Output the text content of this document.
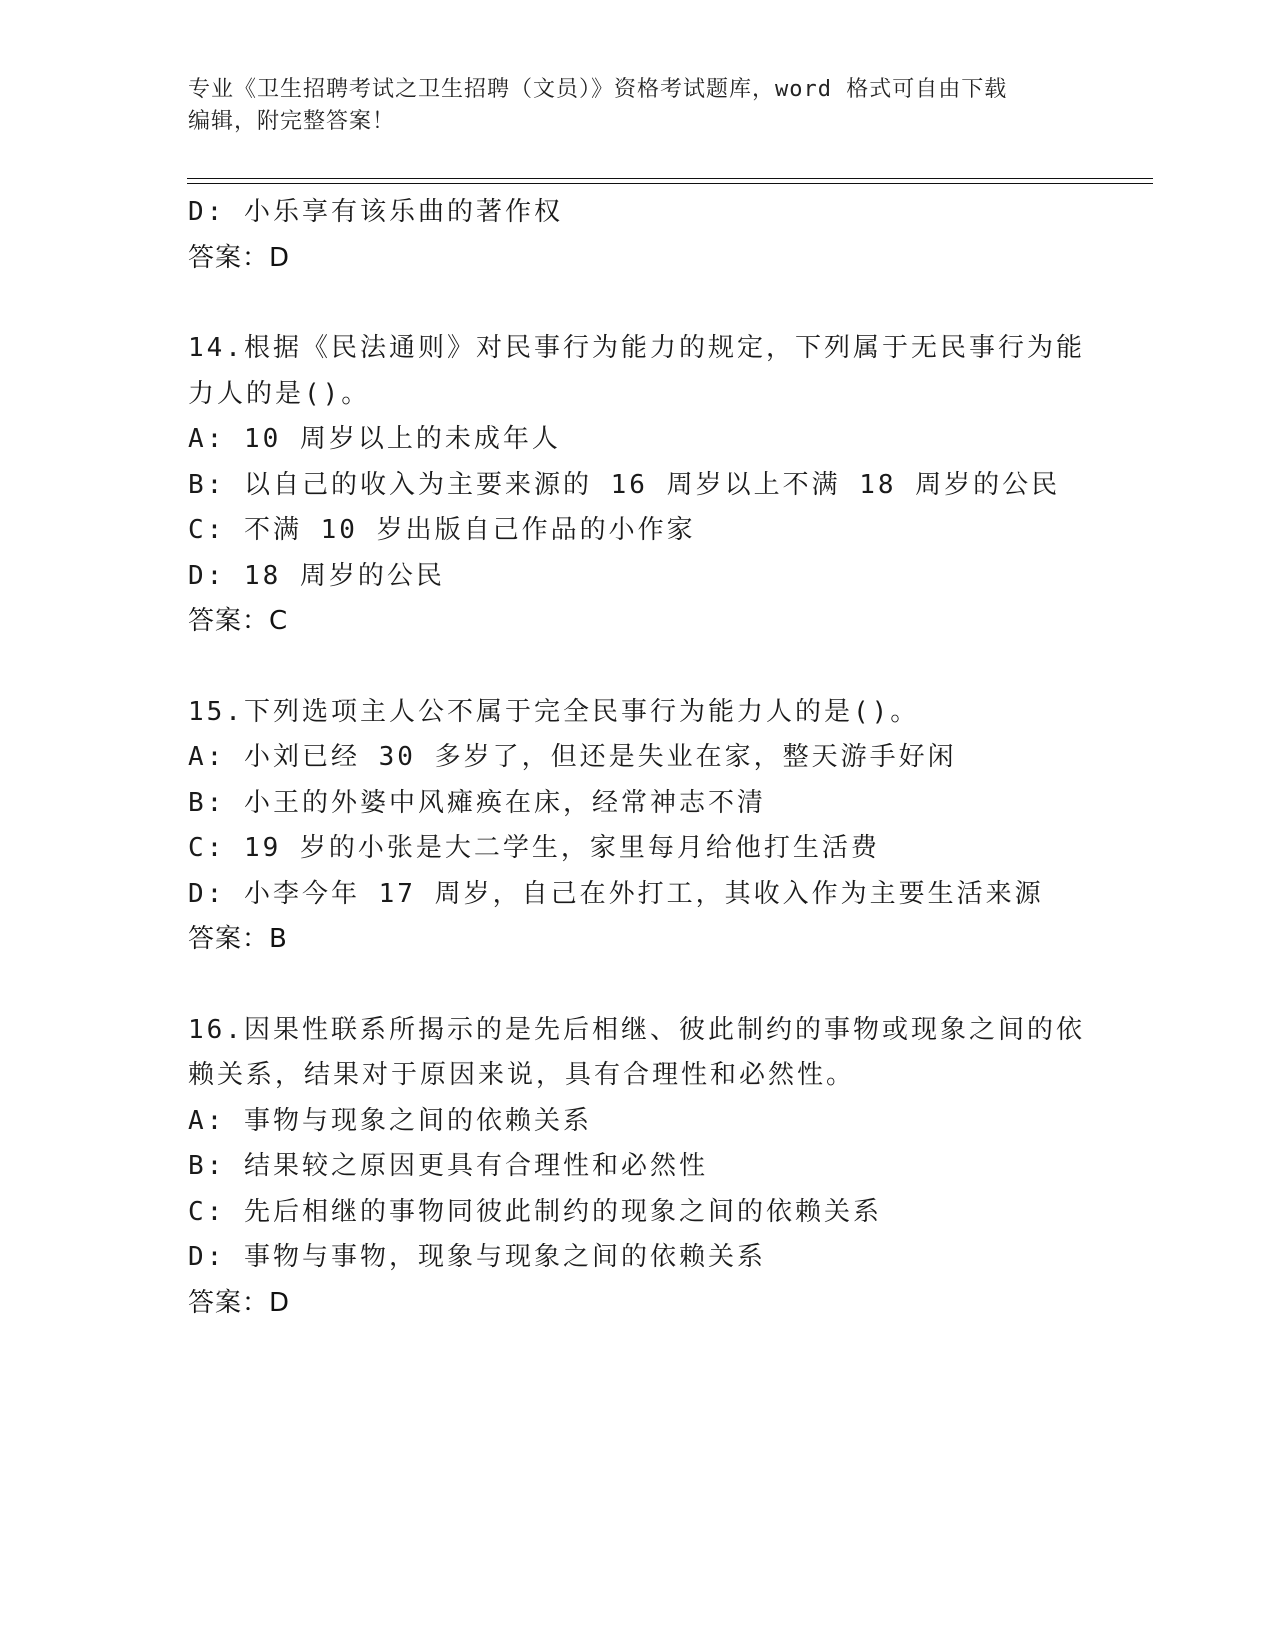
专业《卫生招聘考试之卫生招聘（文员）》资格考试题库，word 格式可自由下载
编辑，附完整答案！
D: 小乐享有该乐曲的著作权
答案：D
14.根据《民法通则》对民事行为能力的规定，下列属于无民事行为能
力人的是()。
A: 10 周岁以上的未成年人
B: 以自己的收入为主要来源的 16 周岁以上不满 18 周岁的公民
C: 不满 10 岁出版自己作品的小作家
D: 18 周岁的公民
答案：C
15.下列选项主人公不属于完全民事行为能力人的是()。
A: 小刘已经 30 多岁了，但还是失业在家，整天游手好闲
B: 小王的外婆中风瘫痪在床，经常神志不清
C: 19 岁的小张是大二学生，家里每月给他打生活费
D: 小李今年 17 周岁，自己在外打工，其收入作为主要生活来源
答案：B
16.因果性联系所揭示的是先后相继、彼此制约的事物或现象之间的依
赖关系，结果对于原因来说，具有合理性和必然性。
A: 事物与现象之间的依赖关系
B: 结果较之原因更具有合理性和必然性
C: 先后相继的事物同彼此制约的现象之间的依赖关系
D: 事物与事物，现象与现象之间的依赖关系
答案：D
